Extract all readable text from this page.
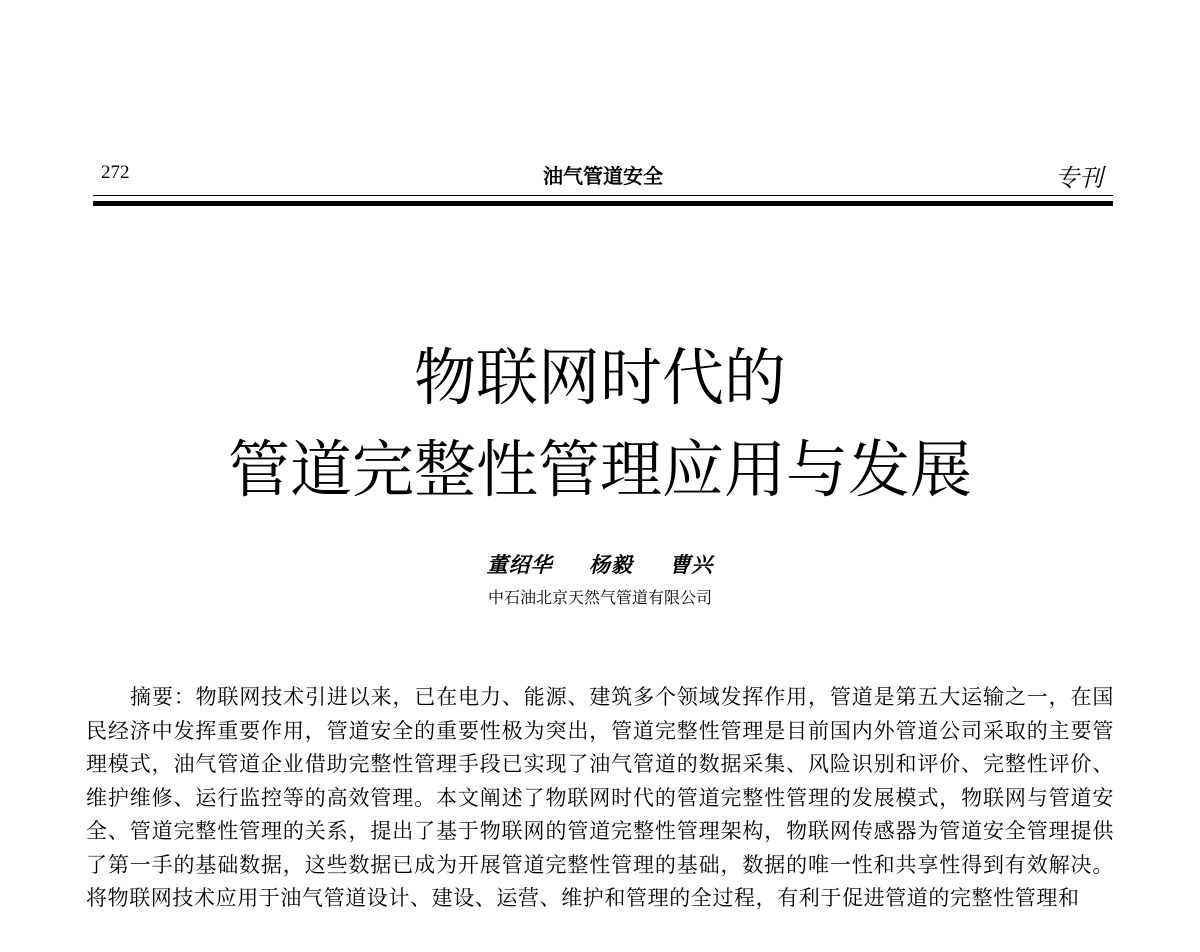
272	油气管道安全	专刊
物联网时代的
管道完整性管理应用与发展
董绍华 杨毅 曹兴
中石油北京天然气管道有限公司

摘要：物联网技术引进以来，已在电力、能源、建筑多个领域发挥作用，管道是第五大运输之一，在国民经济中发挥重要作用，管道安全的重要性极为突出，管道完整性管理是目前国内外管道公司采取的主要管理模式，油气管道企业借助完整性管理手段已实现了油气管道的数据采集、风险识别和评价、完整性评价、维护维修、运行监控等的高效管理。本文阐述了物联网时代的管道完整性管理的发展模式，物联网与管道安全、管道完整性管理的关系，提出了基于物联网的管道完整性管理架构，物联网传感器为管道安全管理提供了第一手的基础数据，这些数据已成为开展管道完整性管理的基础，数据的唯一性和共享性得到有效解决。将物联网技术应用于油气管道设计、建设、运营、维护和管理的全过程，有利于促进管道的完整性管理和
